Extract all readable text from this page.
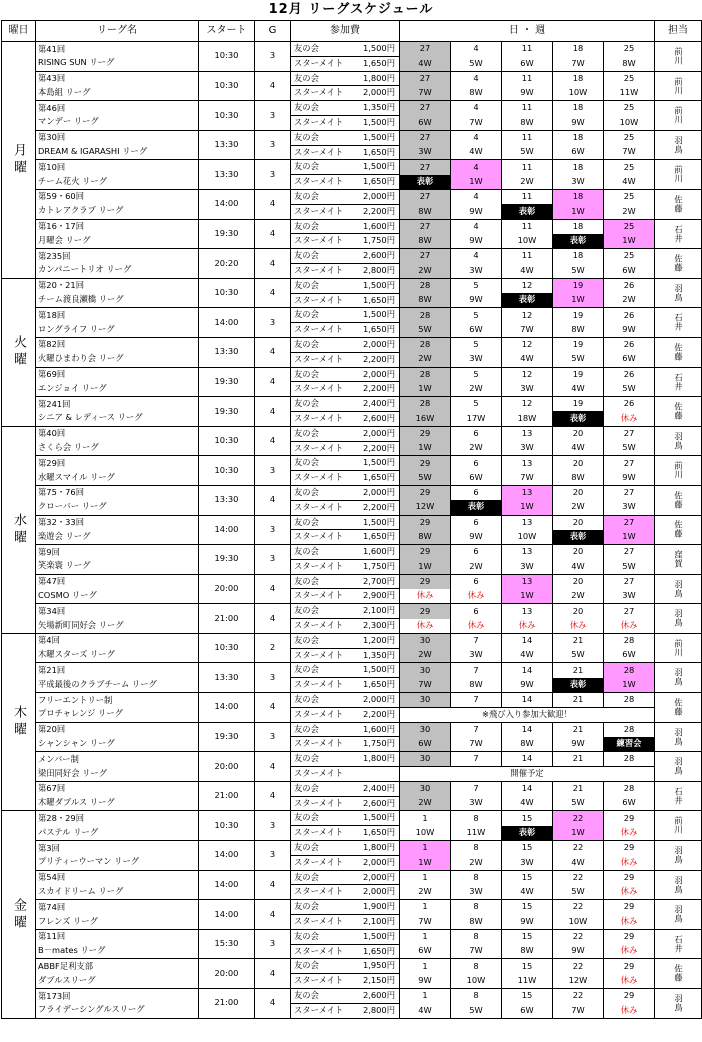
12月 リーグスケジュール
曜日	リーグ名	スタート	G	参加費		日 ・ 週					担当
月曜	第41回
RISING SUN リーグ	10:30	3	友の会	1,500円	27	4	11	18	25	前川
				スターメイト	1,650円	4W	5W	6W	7W	8W	

	第43回
本島組 リーグ	10:30	4	友の会	1,800円	27	4	11	18	25	前川
				スターメイト	2,000円	7W	8W	9W	10W	11W	

	第46回
マンデー リーグ	10:30	3	友の会	1,350円	27	4	11	18	25	前川
				スターメイト	1,500円	6W	7W	8W	9W	10W	

	第30回
DREAM & IGARASHI リーグ	13:30	3	友の会	1,500円	27	4	11	18	25	羽鳥
				スターメイト	1,650円	3W	4W	5W	6W	7W	

	第10回
チーム花火 リーグ	13:30	3	友の会	1,500円	27	4	11	18	25	前川
				スターメイト	1,650円	表彰	1W	2W	3W	4W	

	第59・60回
カトレアクラブ リーグ	14:00	4	友の会	2,000円	27	4	11	18	25	佐藤
				スターメイト	2,200円	8W	9W	表彰	1W	2W	

	第16・17回
月曜会 リーグ	19:30	4	友の会	1,600円	27	4	11	18	25	石井
				スターメイト	1,750円	8W	9W	10W	表彰	1W	

	第235回
カンパニートリオ リーグ	20:20	4	友の会	2,600円	27	4	11	18	25	佐藤
				スターメイト	2,800円	2W	3W	4W	5W	6W	
火曜	第20・21回
チーム渡良瀬橋 リーグ	10:30	4	友の会	1,500円	28	5	12	19	26	羽鳥
				スターメイト	1,650円	8W	9W	表彰	1W	2W	

	第18回
ロングライフ リーグ	14:00	3	友の会	1,500円	28	5	12	19	26	石井
				スターメイト	1,650円	5W	6W	7W	8W	9W	

	第82回
火曜ひまわり会 リーグ	13:30	4	友の会	2,000円	28	5	12	19	26	佐藤
				スターメイト	2,200円	2W	3W	4W	5W	6W	

	第69回
エンジョイ リーグ	19:30	4	友の会	2,000円	28	5	12	19	26	石井
				スターメイト	2,200円	1W	2W	3W	4W	5W	

	第241回
シニア & レディース リーグ	19:30	4	友の会	2,400円	28	5	12	19	26	佐藤
				スターメイト	2,600円	16W	17W	18W	表彰	休み	
水曜	第40回
さくら会 リーグ	10:30	4	友の会	2,000円	29	6	13	20	27	羽鳥
				スターメイト	2,200円	1W	2W	3W	4W	5W	

	第29回
水曜スマイル リーグ	10:30	3	友の会	1,500円	29	6	13	20	27	前川
				スターメイト	1,650円	5W	6W	7W	8W	9W	

	第75・76回
クローバー リーグ	13:30	4	友の会	2,000円	29	6	13	20	27	佐藤
				スターメイト	2,200円	12W	表彰	1W	2W	3W	

	第32・33回
楽遊会 リーグ	14:00	3	友の会	1,500円	29	6	13	20	27	佐藤
				スターメイト	1,650円	8W	9W	10W	表彰	1W	

	第9回
笑楽寰 リーグ	19:30	3	友の会	1,600円	29	6	13	20	27	窪賀
				スターメイト	1,750円	1W	2W	3W	4W	5W	

	第47回
COSMO リーグ	20:00	4	友の会	2,700円	29	6	13	20	27	羽鳥
				スターメイト	2,900円	休み	休み	1W	2W	3W	

	第34回
矢場新町同好会 リーグ	21:00	4	友の会	2,100円	29	6	13	20	27	羽鳥
				スターメイト	2,300円	休み	休み	休み	休み	休み	
木曜	第4回
木曜スターズ リーグ	10:30	2	友の会	1,200円	30	7	14	21	28	前川
				スターメイト	1,350円	2W	3W	4W	5W	6W	

	第21回
平成最後のクラブチーム リーグ	13:30	3	友の会	1,500円	30	7	14	21	28	羽鳥
				スターメイト	1,650円	7W	8W	9W	表彰	1W	

	フリーエントリー制
プロチャレンジ リーグ	14:00	4	友の会	2,000円	30	7	14	21	28	佐藤
				スターメイト	2,200円	※飛び入り参加大歓迎！					

	第20回
シャンシャン リーグ	19:30	3	友の会	1,600円	30	7	14	21	28	羽鳥
				スターメイト	1,750円	6W	7W	8W	9W	練習会	

	メンバー制
梁田同好会 リーグ	20:00	4	友の会	1,800円	30	7	14	21	28	羽鳥
				スターメイト		開催予定					

	第67回
木曜ダブルス リーグ	21:00	4	友の会	2,400円	30	7	14	21	28	石井
				スターメイト	2,600円	2W	3W	4W	5W	6W	
金曜	第28・29回
パステル リーグ	10:30	3	友の会	1,500円	1	8	15	22	29	前川
				スターメイト	1,650円	10W	11W	表彰	1W	休み	

	第3回
プリティーウーマン リーグ	14:00	3	友の会	1,800円	1	8	15	22	29	羽鳥
				スターメイト	2,000円	1W	2W	3W	4W	休み	

	第54回
スカイドリーム リーグ	14:00	4	友の会	2,000円	1	8	15	22	29	羽鳥
				スターメイト	2,000円	2W	3W	4W	5W	休み	

	第74回
フレンズ リーグ	14:00	4	友の会	1,900円	1	8	15	22	29	羽鳥
				スターメイト	2,100円	7W	8W	9W	10W	休み	

	第11回
B－mates リーグ	15:30	3	友の会	1,500円	1	8	15	22	29	石井
				スターメイト	1,650円	6W	7W	8W	9W	休み	

	ABBF足利支部
ダブルスリーグ	20:00	4	友の会	1,950円	1	8	15	22	29	佐藤
				スターメイト	2,150円	9W	10W	11W	12W	休み	

	第173回
フライデーシングルスリーグ	21:00	4	友の会	2,600円	1	8	15	22	29	羽鳥
				スターメイト	2,800円	4W	5W	6W	7W	休み	
